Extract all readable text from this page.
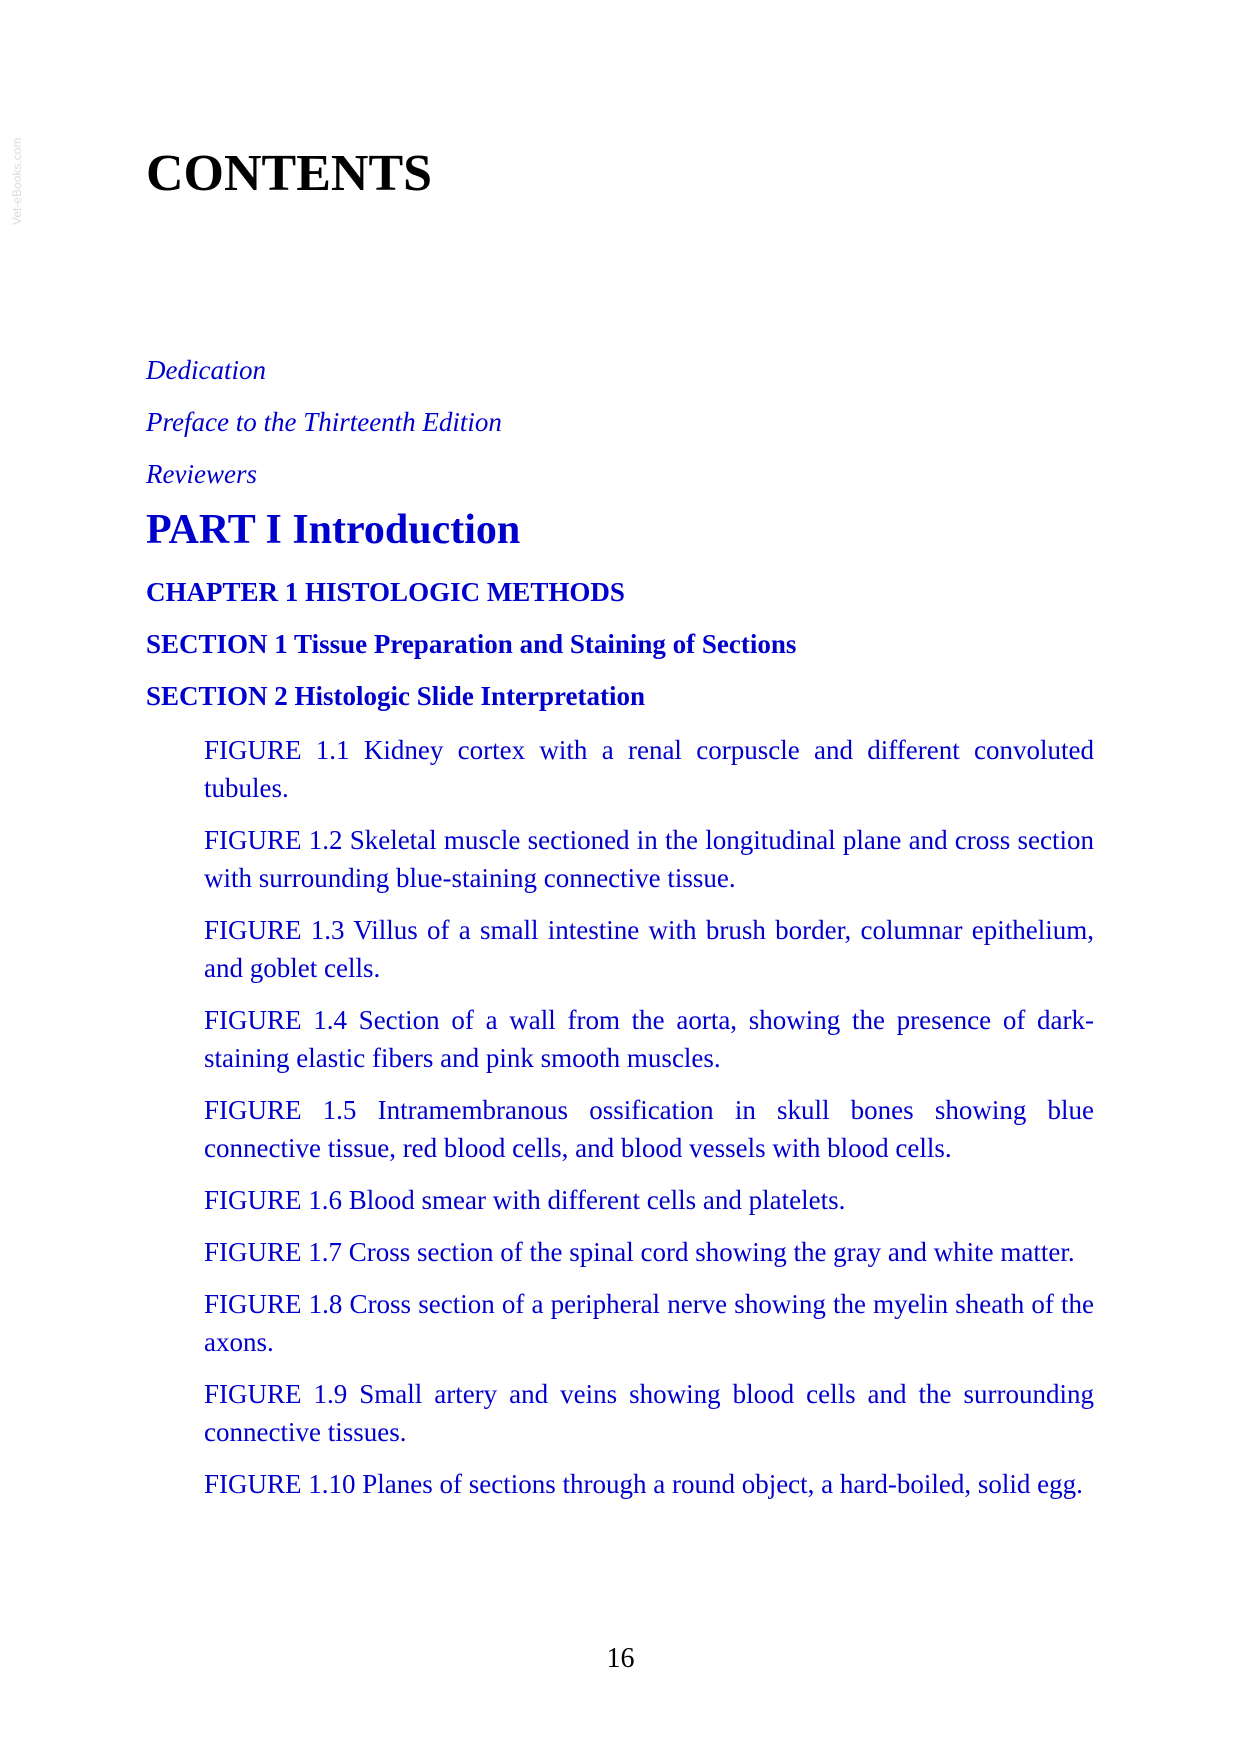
Vet-eBooks.com CONTENTS
Dedication
Preface to the Thirteenth Edition
Reviewers
PART I Introduction
CHAPTER 1 HISTOLOGIC METHODS
SECTION 1 Tissue Preparation and Staining of Sections
SECTION 2 Histologic Slide Interpretation
FIGURE 1.1 Kidney cortex with a renal corpuscle and different convoluted tubules.
FIGURE 1.2 Skeletal muscle sectioned in the longitudinal plane and cross section with surrounding blue-staining connective tissue.
FIGURE 1.3 Villus of a small intestine with brush border, columnar epithelium, and goblet cells.
FIGURE 1.4 Section of a wall from the aorta, showing the presence of dark-staining elastic fibers and pink smooth muscles.
FIGURE 1.5 Intramembranous ossification in skull bones showing blue connective tissue, red blood cells, and blood vessels with blood cells.
FIGURE 1.6 Blood smear with different cells and platelets.
FIGURE 1.7 Cross section of the spinal cord showing the gray and white matter.
FIGURE 1.8 Cross section of a peripheral nerve showing the myelin sheath of the axons.
FIGURE 1.9 Small artery and veins showing blood cells and the surrounding connective tissues.
FIGURE 1.10 Planes of sections through a round object, a hard-boiled, solid egg.
16
